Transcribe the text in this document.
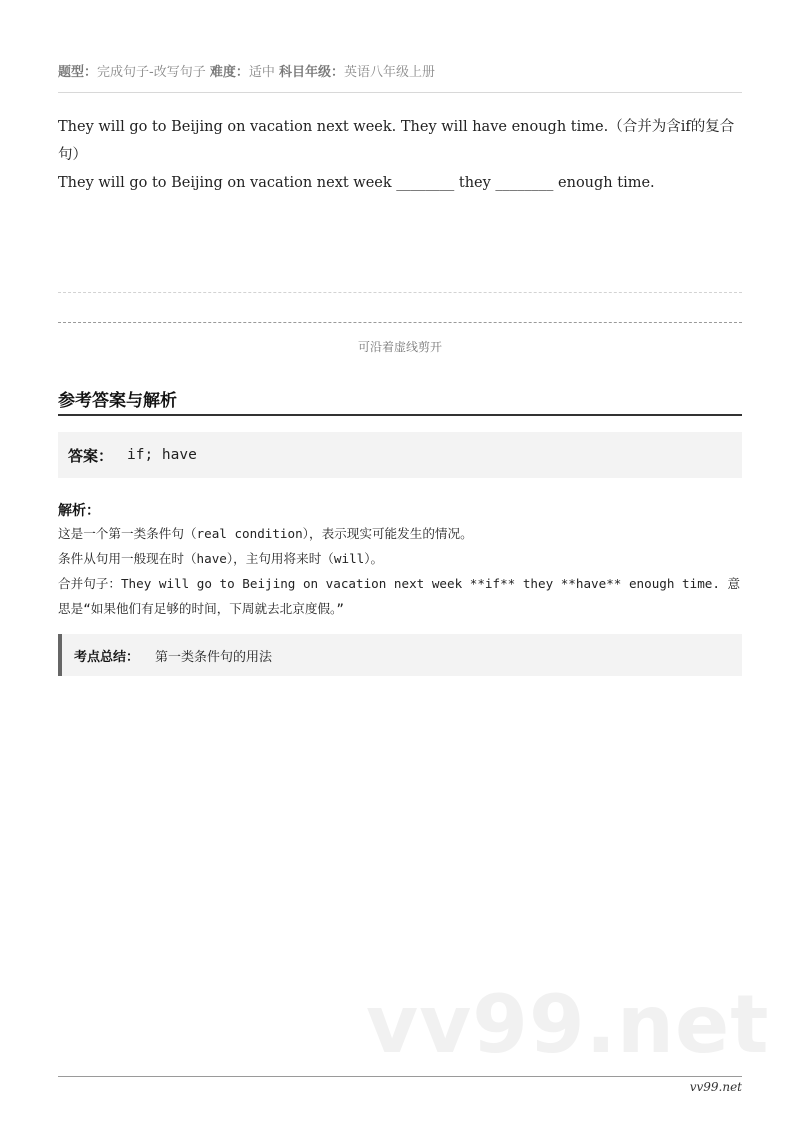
题型：完成句子-改写句子 难度：适中 科目年级：英语八年级上册

They will go to Beijing on vacation next week. They will have enough time.（合并为含if的复合句）

They will go to Beijing on vacation next week ________ they ________ enough time.

可沿着虚线剪开
参考答案与解析
答案： if; have
解析：

这是一个第一类条件句（real condition），表示现实可能发生的情况。

条件从句用一般现在时（have），主句用将来时（will）。

合并句子：They will go to Beijing on vacation next week **if** they **have** enough time. 意思是“如果他们有足够的时间，下周就去北京度假。”

考点总结： 第一类条件句的用法
vv99.net
vv99.net
